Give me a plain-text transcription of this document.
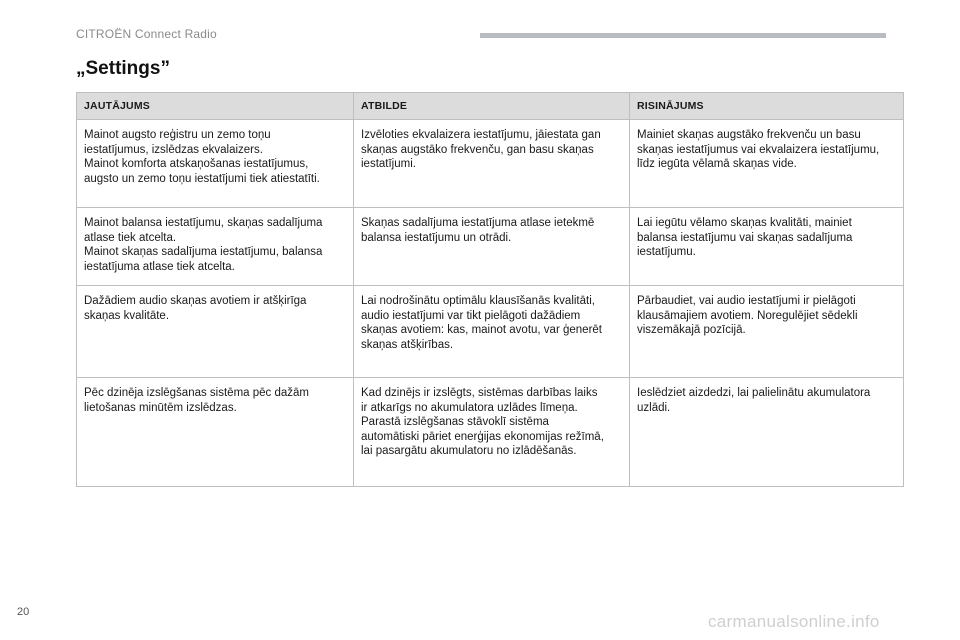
CITROËN Connect Radio
„Settings”
JAUTĀJUMS	ATBILDE	RISINĀJUMS
Mainot augsto reģistru un zemo toņu
iestatījumus, izslēdzas ekvalaizers.
Mainot komforta atskaņošanas iestatījumus,
augsto un zemo toņu iestatījumi tiek atiestatīti.	Izvēloties ekvalaizera iestatījumu, jāiestata gan
skaņas augstāko frekvenču, gan basu skaņas
iestatījumi.	Mainiet skaņas augstāko frekvenču un basu
skaņas iestatījumus vai ekvalaizera iestatījumu,
līdz iegūta vēlamā skaņas vide.
Mainot balansa iestatījumu, skaņas sadalījuma
atlase tiek atcelta.
Mainot skaņas sadalījuma iestatījumu, balansa
iestatījuma atlase tiek atcelta.	Skaņas sadalījuma iestatījuma atlase ietekmē
balansa iestatījumu un otrādi.	Lai iegūtu vēlamo skaņas kvalitāti, mainiet
balansa iestatījumu vai skaņas sadalījuma
iestatījumu.
Dažādiem audio skaņas avotiem ir atšķirīga
skaņas kvalitāte.	Lai nodrošinātu optimālu klausīšanās kvalitāti,
audio iestatījumi var tikt pielāgoti dažādiem
skaņas avotiem: kas, mainot avotu, var ģenerēt
skaņas atšķirības.	Pārbaudiet, vai audio iestatījumi ir pielāgoti
klausāmajiem avotiem. Noregulējiet sēdekli
viszemākajā pozīcijā.
Pēc dzinēja izslēgšanas sistēma pēc dažām
lietošanas minūtēm izslēdzas.	Kad dzinējs ir izslēgts, sistēmas darbības laiks
ir atkarīgs no akumulatora uzlādes līmeņa.
Parastā izslēgšanas stāvoklī sistēma
automātiski pāriet enerģijas ekonomijas režīmā,
lai pasargātu akumulatoru no izlādēšanās.	Ieslēdziet aizdedzi, lai palielinātu akumulatora
uzlādi.
20	carmanualsonline.info
